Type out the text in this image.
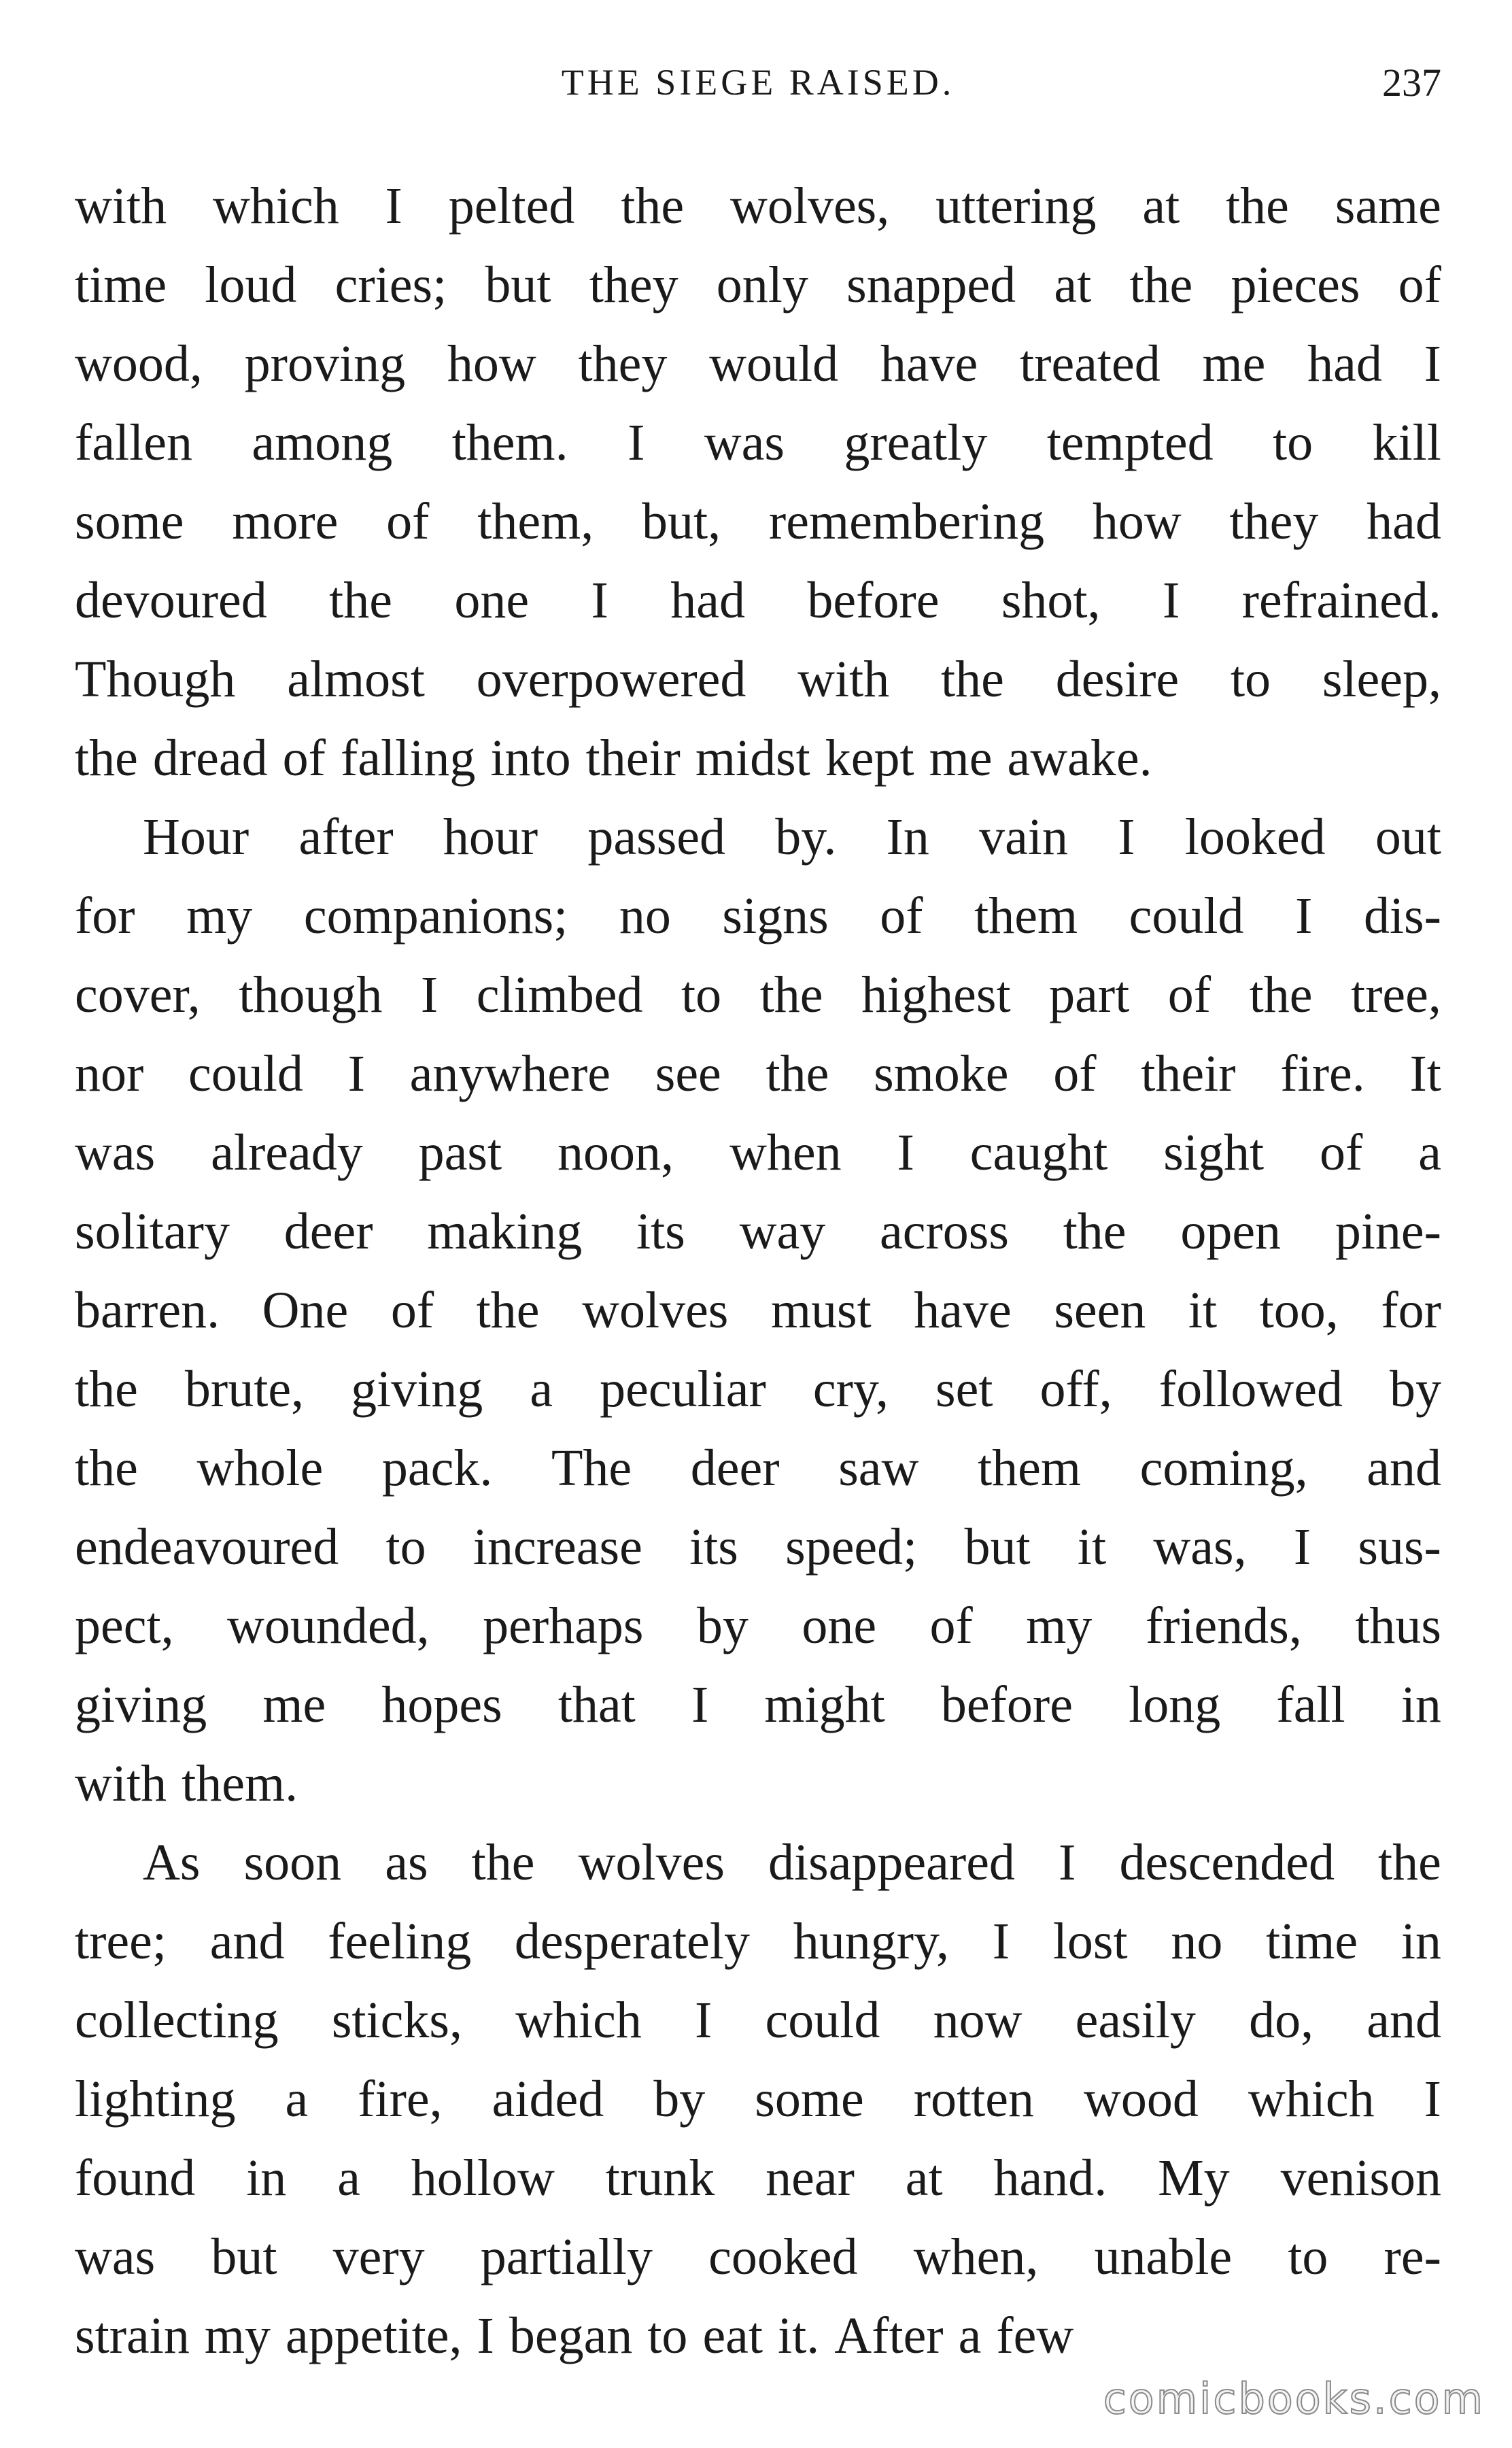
THE SIEGE RAISED.	237
with which I pelted the wolves, uttering at the same
time loud cries; but they only snapped at the pieces of
wood, proving how they would have treated me had I
fallen among them. I was greatly tempted to kill
some more of them, but, remembering how they had
devoured the one I had before shot, I refrained.
Though almost overpowered with the desire to sleep,
the dread of falling into their midst kept me awake.
Hour after hour passed by. In vain I looked out
for my companions; no signs of them could I dis-
cover, though I climbed to the highest part of the tree,
nor could I anywhere see the smoke of their fire. It
was already past noon, when I caught sight of a
solitary deer making its way across the open pine-
barren. One of the wolves must have seen it too, for
the brute, giving a peculiar cry, set off, followed by
the whole pack. The deer saw them coming, and
endeavoured to increase its speed; but it was, I sus-
pect, wounded, perhaps by one of my friends, thus
giving me hopes that I might before long fall in
with them.
As soon as the wolves disappeared I descended the
tree; and feeling desperately hungry, I lost no time in
collecting sticks, which I could now easily do, and
lighting a fire, aided by some rotten wood which I
found in a hollow trunk near at hand. My venison
was but very partially cooked when, unable to re-
strain my appetite, I began to eat it. After a few
comicbooks.com
